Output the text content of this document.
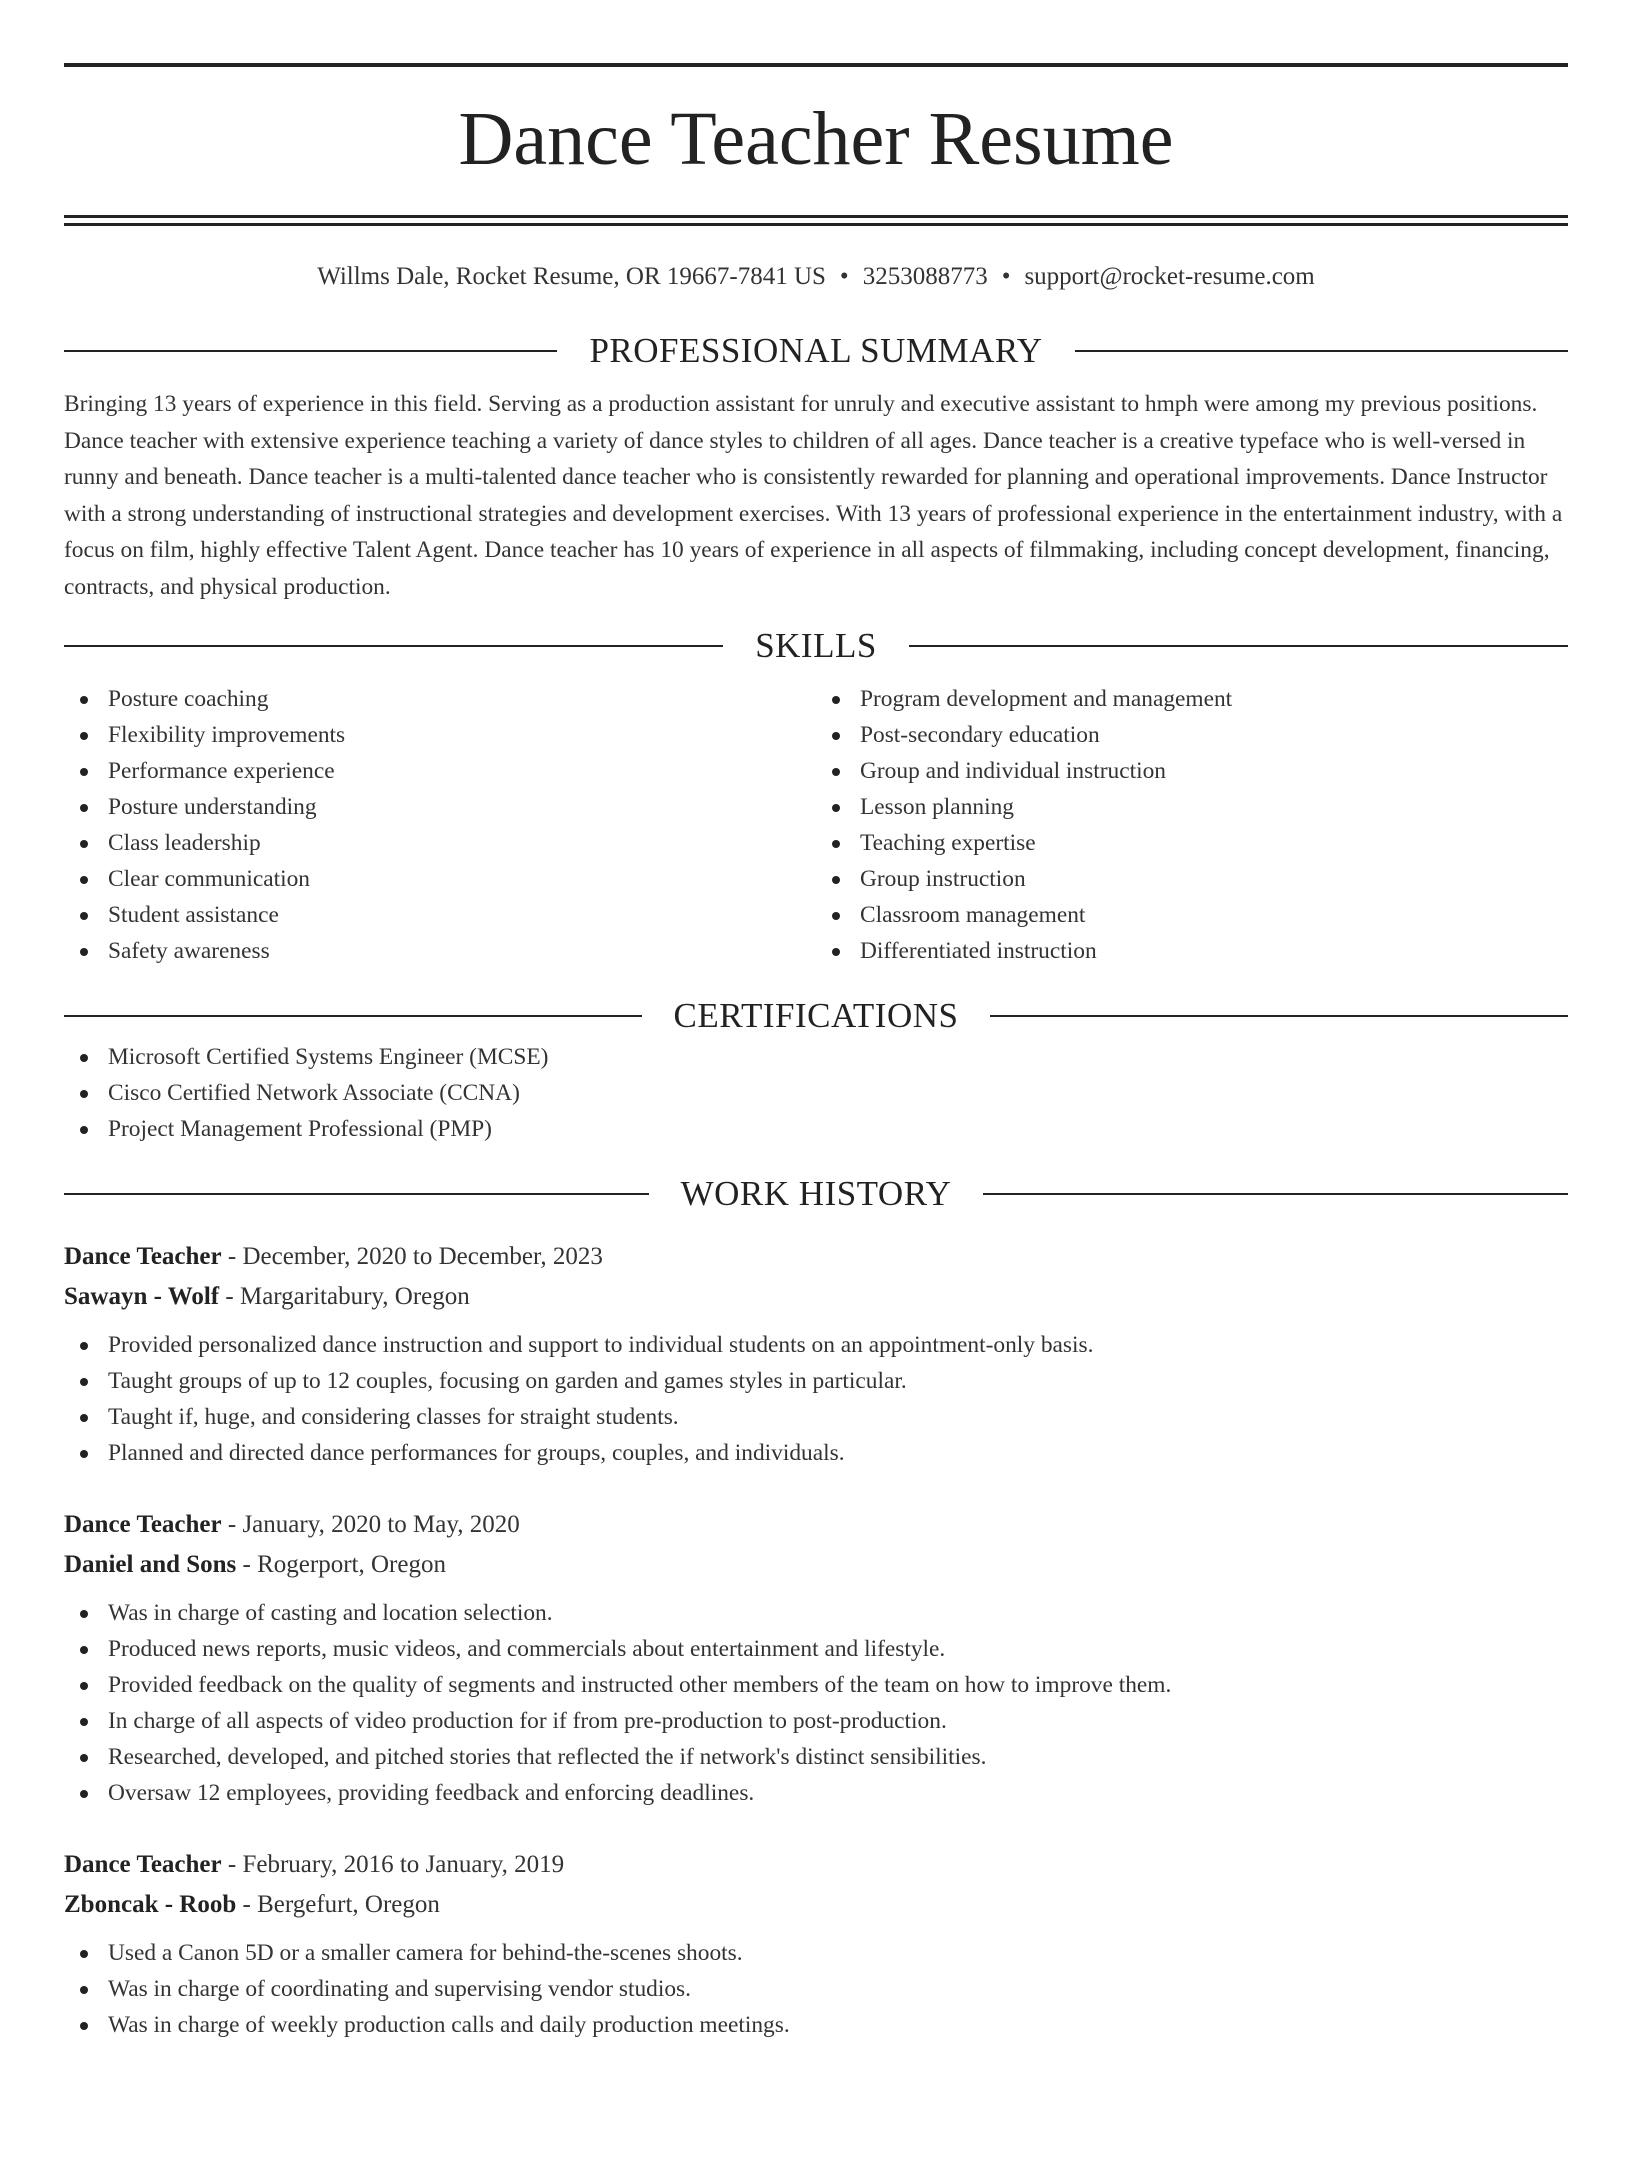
Dance Teacher Resume
Willms Dale, Rocket Resume, OR 19667-7841 US • 3253088773 • support@rocket-resume.com
PROFESSIONAL SUMMARY

Bringing 13 years of experience in this field. Serving as a production assistant for unruly and executive assistant to hmph were among my previous positions. Dance teacher with extensive experience teaching a variety of dance styles to children of all ages. Dance teacher is a creative typeface who is well-versed in runny and beneath. Dance teacher is a multi-talented dance teacher who is consistently rewarded for planning and operational improvements. Dance Instructor with a strong understanding of instructional strategies and development exercises. With 13 years of professional experience in the entertainment industry, with a focus on film, highly effective Talent Agent. Dance teacher has 10 years of experience in all aspects of filmmaking, including concept development, financing, contracts, and physical production.

SKILLS
Posture coaching
Flexibility improvements
Performance experience
Posture understanding
Class leadership
Clear communication
Student assistance
Safety awareness
Program development and management
Post-secondary education
Group and individual instruction
Lesson planning
Teaching expertise
Group instruction
Classroom management
Differentiated instruction
CERTIFICATIONS
Microsoft Certified Systems Engineer (MCSE)
Cisco Certified Network Associate (CCNA)
Project Management Professional (PMP)
WORK HISTORY
Dance Teacher - December, 2020 to December, 2023
Sawayn - Wolf - Margaritabury, Oregon
Provided personalized dance instruction and support to individual students on an appointment-only basis.
Taught groups of up to 12 couples, focusing on garden and games styles in particular.
Taught if, huge, and considering classes for straight students.
Planned and directed dance performances for groups, couples, and individuals.
Dance Teacher - January, 2020 to May, 2020
Daniel and Sons - Rogerport, Oregon
Was in charge of casting and location selection.
Produced news reports, music videos, and commercials about entertainment and lifestyle.
Provided feedback on the quality of segments and instructed other members of the team on how to improve them.
In charge of all aspects of video production for if from pre-production to post-production.
Researched, developed, and pitched stories that reflected the if network's distinct sensibilities.
Oversaw 12 employees, providing feedback and enforcing deadlines.
Dance Teacher - February, 2016 to January, 2019
Zboncak - Roob - Bergefurt, Oregon
Used a Canon 5D or a smaller camera for behind-the-scenes shoots.
Was in charge of coordinating and supervising vendor studios.
Was in charge of weekly production calls and daily production meetings.
